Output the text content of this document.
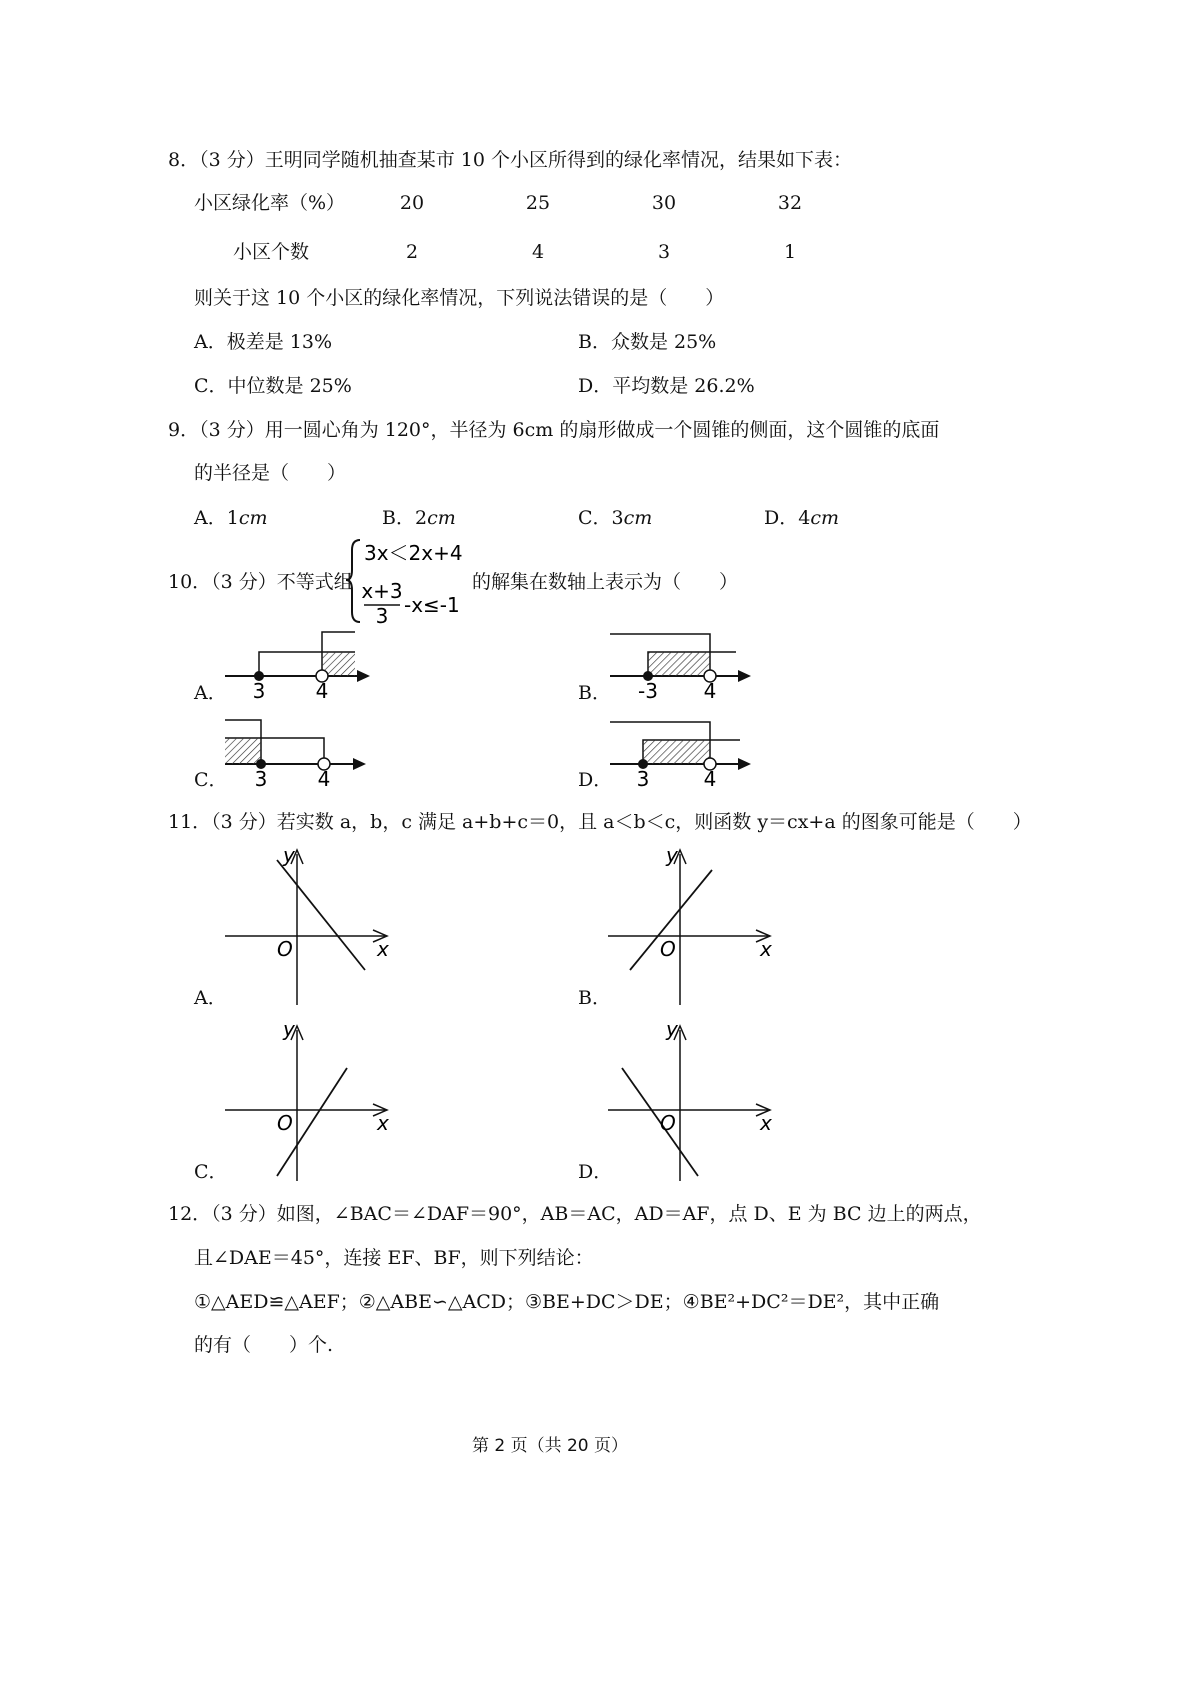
8．（3 分）王明同学随机抽查某市 10 个小区所得到的绿化率情况，结果如下表：
小区绿化率（%）	20	25	30	32
小区个数	2	4	3	1
则关于这 10 个小区的绿化率情况，下列说法错误的是（　　）
A．极差是 13%	B．众数是 25%
C．中位数是 25%	D．平均数是 26.2%
9．（3 分）用一圆心角为 120°，半径为 6cm 的扇形做成一个圆锥的侧面，这个圆锥的底面
的半径是（　　）
A．1cm	B．2cm	C．3cm	D．4cm
10．（3 分）不等式组
3x＜2x+4
x+3
3 -x≤-1
的解集在数轴上表示为（　　）
A． 3	4	B． -3 4
C． 3	4	D． 3	4
11．（3 分）若实数 a，b，c 满足 a+b+c＝0，且 a＜b＜c，则函数 y＝cx+a 的图象可能是（　　）
A．
y
x
O
B．
y
x
O
C．
y
x
O
D．
y
x
O
12．（3 分）如图，∠BAC＝∠DAF＝90°，AB＝AC，AD＝AF，点 D、E 为 BC 边上的两点，
且∠DAE＝45°，连接 EF、BF，则下列结论：
①△AED≌△AEF；②△ABE∽△ACD；③BE+DC＞DE；④BE²+DC²＝DE²，其中正确
的有（　　）个.
第 2 页（共 20 页）
